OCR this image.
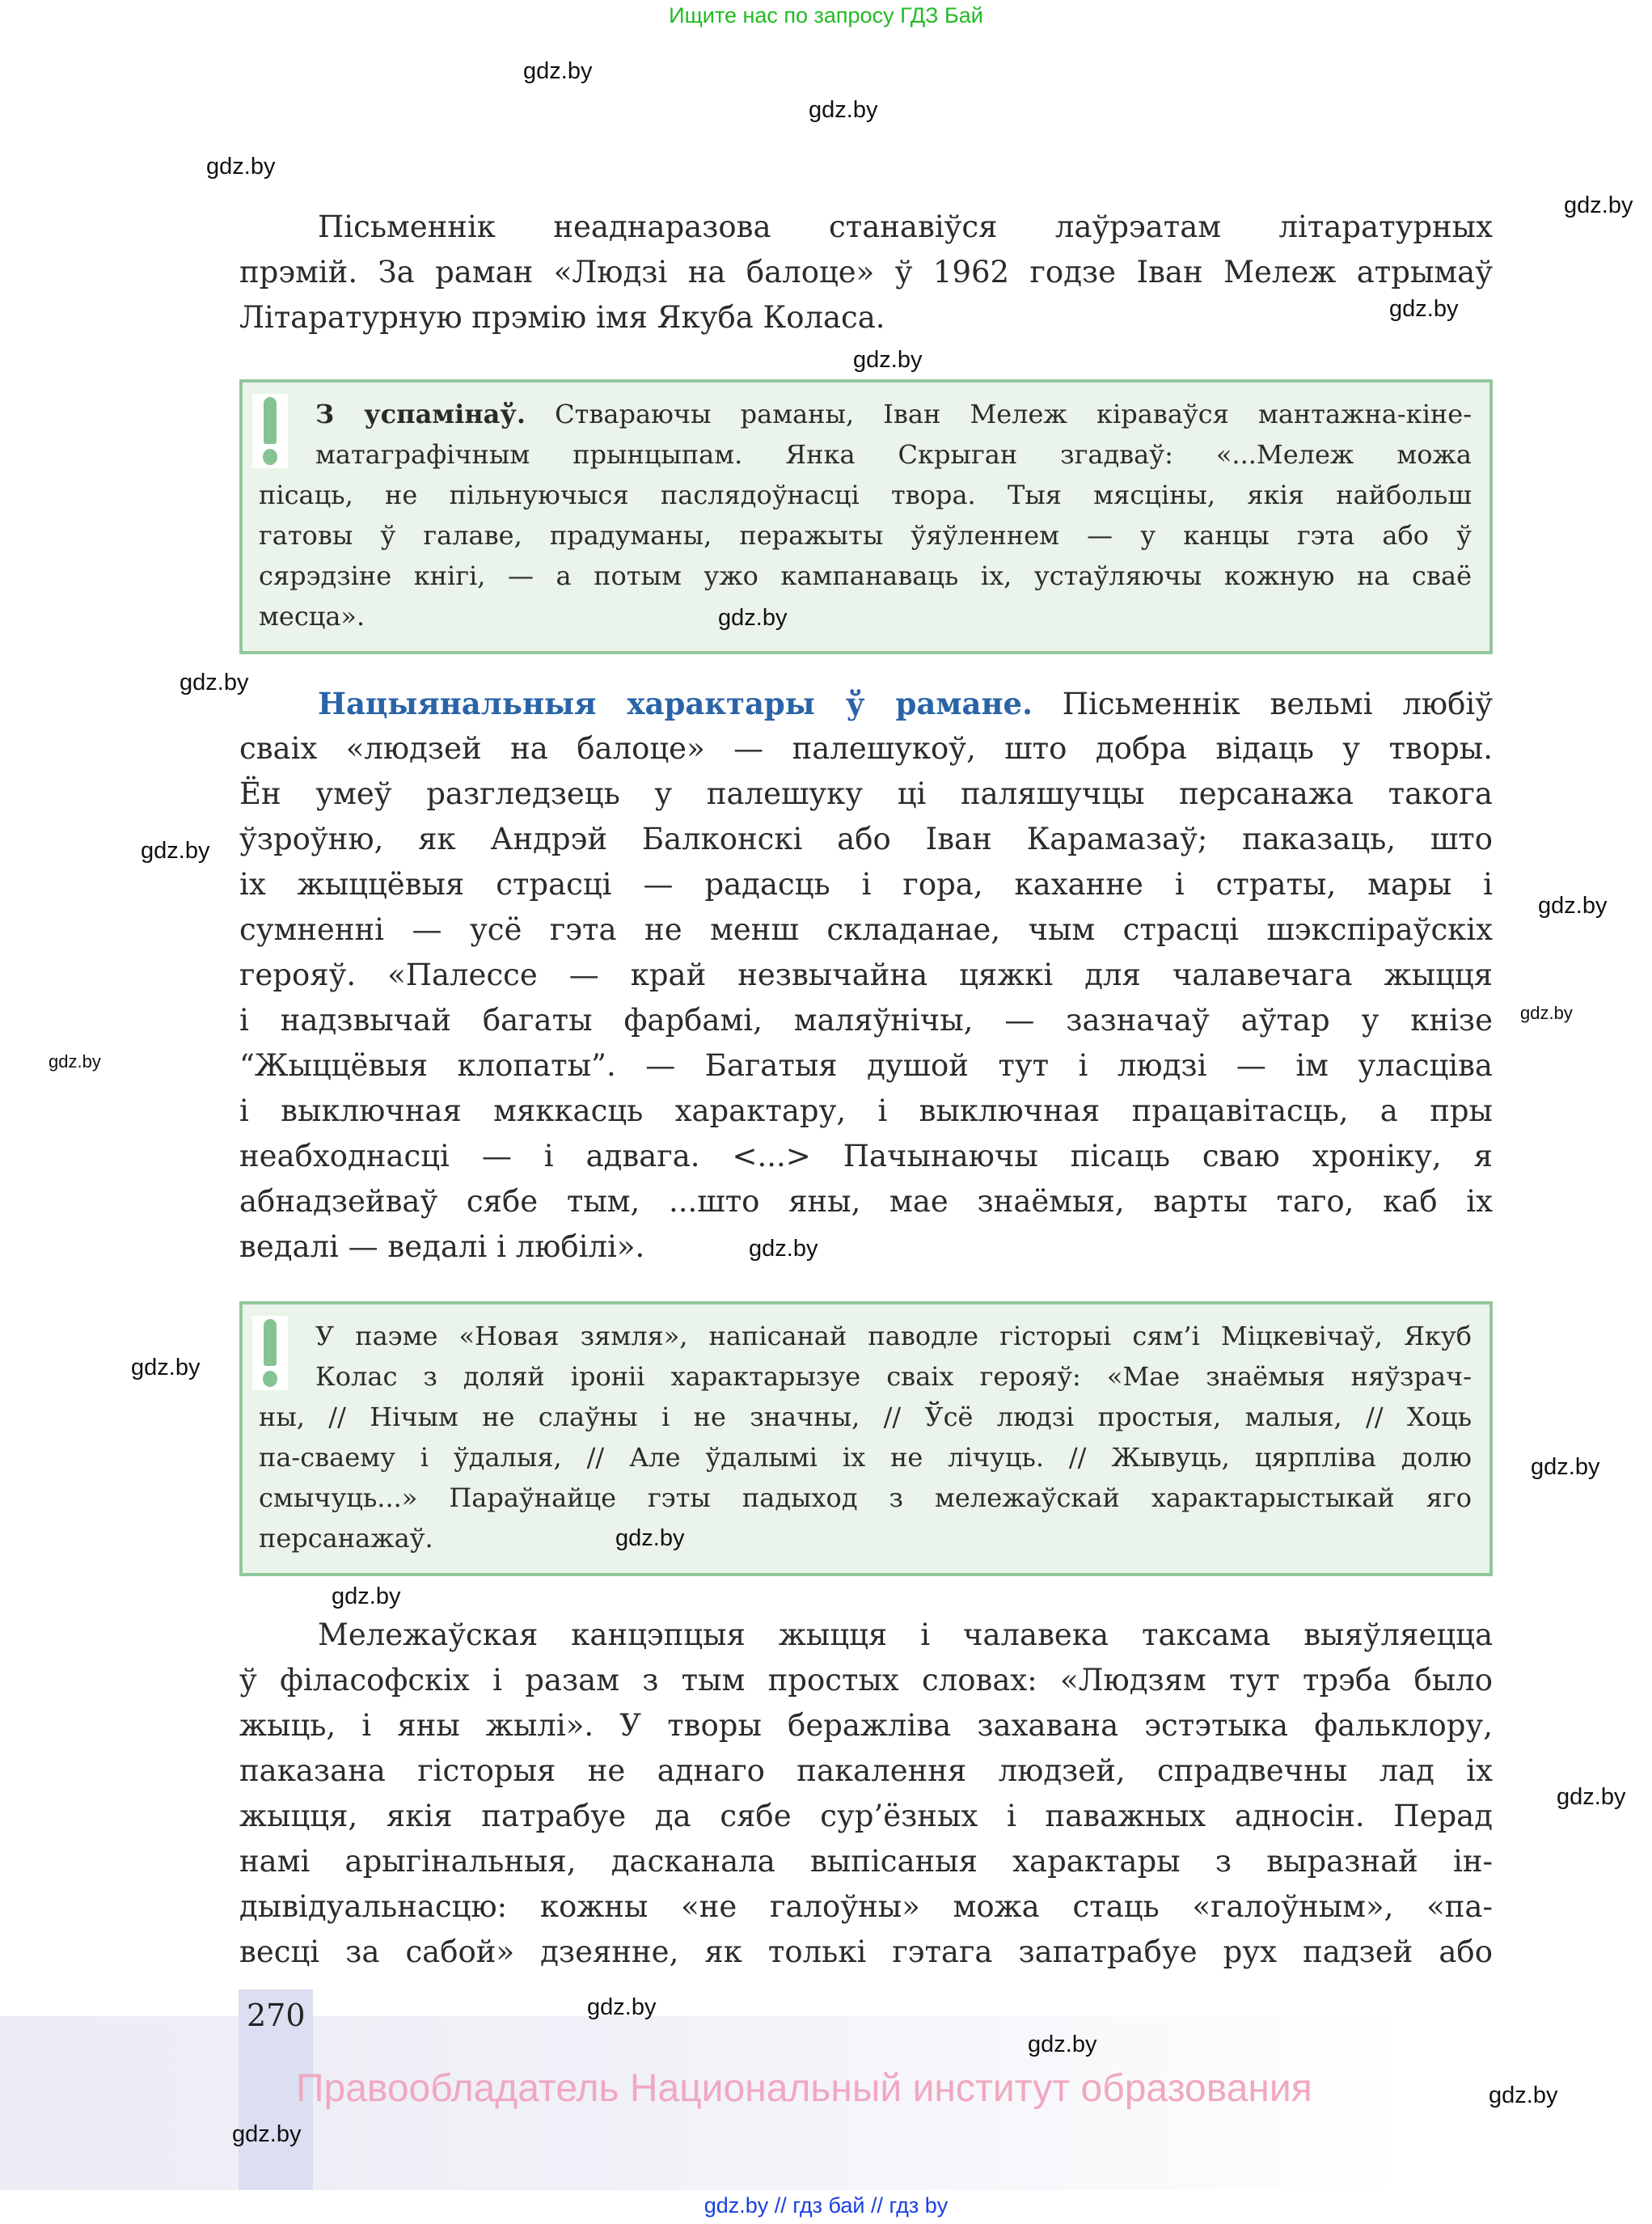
Ищите нас по запросу ГДЗ Бай
Пісьменнік неаднаразова станавіўся лаўрэатам літаратурных
прэмій. За раман «Людзі на балоце» ў 1962 годзе Іван Мележ атрымаў
Літаратурную прэмію імя Якуба Коласа.
З успамінаў. Ствараючы раманы, Іван Мележ кіраваўся мантажна-кіне-
матаграфічным прынцыпам. Янка Скрыган згадваў: «...Мележ можа
пісаць, не пільнуючыся паслядоўнасці твора. Тыя мясціны, якія найбольш
гатовы ў галаве, прадуманы, перажыты ўяўленнем — у канцы гэта або ў
сярэдзіне кнігі, — а потым ужо кампанаваць іх, устаўляючы кожную на сваё
месца».
Нацыянальныя характары ў рамане. Пісьменнік вельмі любіў
сваіх «людзей на балоце» — палешукоў, што добра відаць у творы.
Ён умеў разгледзець у палешуку ці паляшучцы персанажа такога
ўзроўню, як Андрэй Балконскі або Іван Карамазаў; паказаць, што
іх жыццёвыя страсці — радасць і гора, каханне і страты, мары і
сумненні — усё гэта не менш складанае, чым страсці шэкспіраўскіх
герояў. «Палессе — край незвычайна цяжкі для чалавечага жыцця
і надзвычай багаты фарбамі, маляўнічы, — зазначаў аўтар у кнізе
“Жыццёвыя клопаты”. — Багатыя душой тут і людзі — ім уласціва
і выключная мяккасць характару, і выключная працавітасць, а пры
неабходнасці — і адвага. <...> Пачынаючы пісаць сваю хроніку, я
абнадзейваў сябе тым, ...што яны, мае знаёмыя, варты таго, каб іх
ведалі — ведалі і любілі».
У паэме «Новая зямля», напісанай паводле гісторыі сям’і Міцкевічаў, Якуб
Колас з доляй іроніі характарызуе сваіх герояў: «Мае знаёмыя няўзрач-
ны, // Нічым не слаўны і не значны, // Ўсё людзі простыя, малыя, // Хоць
па-сваему і ўдалыя, // Але ўдалымі іх не лічуць. // Жывуць, цярпліва долю
смычуць...» Параўнайце гэты падыход з мележаўскай характарыстыкай яго
персанажаў.
Мележаўская канцэпцыя жыцця і чалавека таксама выяўляецца
ў філасофскіх і разам з тым простых словах: «Людзям тут трэба было
жыць, і яны жылі». У творы беражліва захавана эстэтыка фальклору,
паказана гісторыя не аднаго пакалення людзей, спрадвечны лад іх
жыцця, якія патрабуе да сябе сур’ёзных і паважных адносін. Перад
намі арыгінальныя, дасканала выпісаныя характары з выразнай ін-
дывідуальнасцю: кожны «не галоўны» можа стаць «галоўным», «па-
весці за сабой» дзеянне, як толькі гэтага запатрабуе рух падзей або
270
Правообладатель Национальный институт образования
gdz.by // гдз бай // гдз by
gdz.by
gdz.by
gdz.by
gdz.by
gdz.by
gdz.by
gdz.by
gdz.by
gdz.by
gdz.by
gdz.by
gdz.by
gdz.by
gdz.by
gdz.by
gdz.by
gdz.by
gdz.by
gdz.by
gdz.by
gdz.by
gdz.by
